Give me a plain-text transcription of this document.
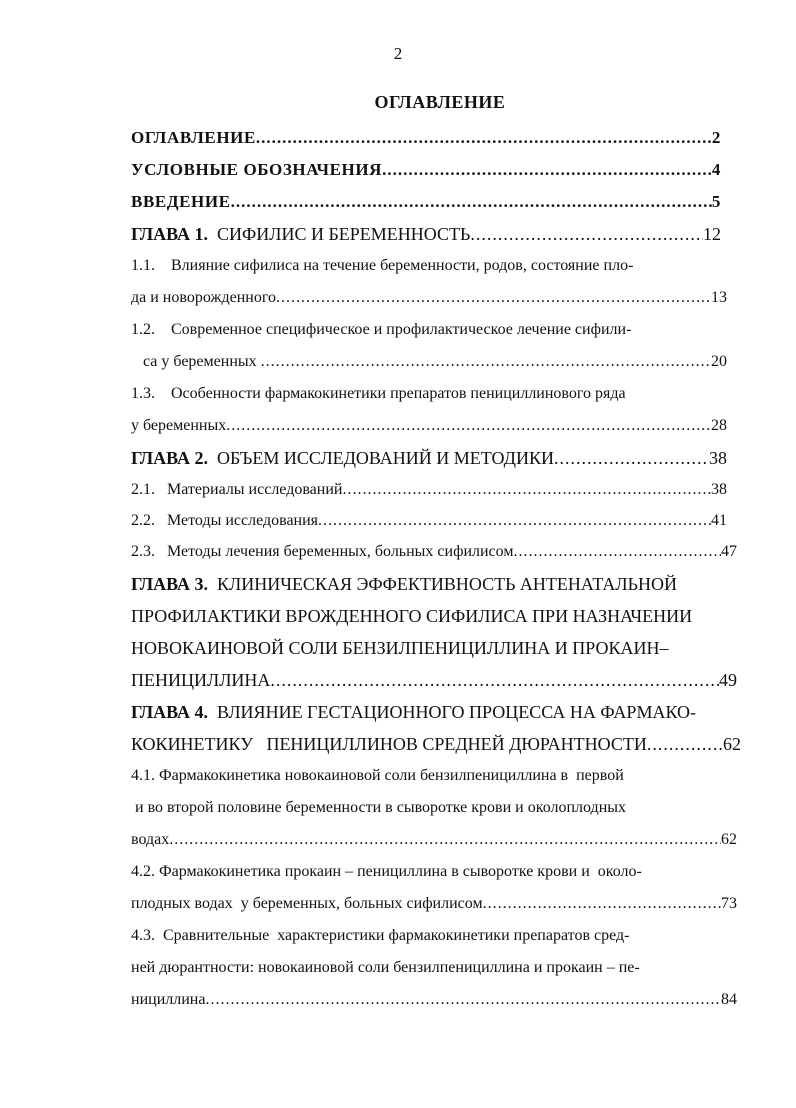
2
ОГЛАВЛЕНИЕ
ОГЛАВЛЕНИЕ .....	2
УСЛОВНЫЕ ОБОЗНАЧЕНИЯ .....	4
ВВЕДЕНИЕ .....	5
ГЛАВА 1. СИФИЛИС И БЕРЕМЕННОСТЬ .....	12
1.1.    Влияние сифилиса на течение беременности, родов, состояние пло-
да и новорожденного .....	13
1.2.    Современное специфическое и профилактическое лечение сифили-
са у беременных .....	20
1.3.    Особенности фармакокинетики препаратов пенициллинового ряда
у беременных .....	28
ГЛАВА 2. ОБЪЕМ ИССЛЕДОВАНИЙ И МЕТОДИКИ .....	38
2.1.   Материалы исследований .....	38
2.2.   Методы исследования .....	41
2.3.   Методы лечения беременных, больных сифилисом .....	47
ГЛАВА 3. КЛИНИЧЕСКАЯ ЭФФЕКТИВНОСТЬ АНТЕНАТАЛЬНОЙ
ПРОФИЛАКТИКИ ВРОЖДЕННОГО СИФИЛИСА ПРИ НАЗНАЧЕНИИ
НОВОКАИНОВОЙ СОЛИ БЕНЗИЛПЕНИЦИЛЛИНА И ПРОКАИН–
ПЕНИЦИЛЛИНА .....	49
ГЛАВА 4. ВЛИЯНИЕ ГЕСТАЦИОННОГО ПРОЦЕССА НА ФАРМАКО-
КОКИНЕТИКУ   ПЕНИЦИЛЛИНОВ СРЕДНЕЙ ДЮРАНТНОСТИ .....	62
4.1. Фармакокинетика новокаиновой соли бензилпенициллина в  первой
и во второй половине беременности в сыворотке крови и околоплодных
водах .....	62
4.2. Фармакокинетика прокаин – пенициллина в сыворотке крови и  около-
плодных водах  у беременных, больных сифилисом .....	73
4.3.  Сравнительные  характеристики фармакокинетики препаратов сред-
ней дюрантности: новокаиновой соли бензилпенициллина и прокаин – пе-
нициллина .....	84
